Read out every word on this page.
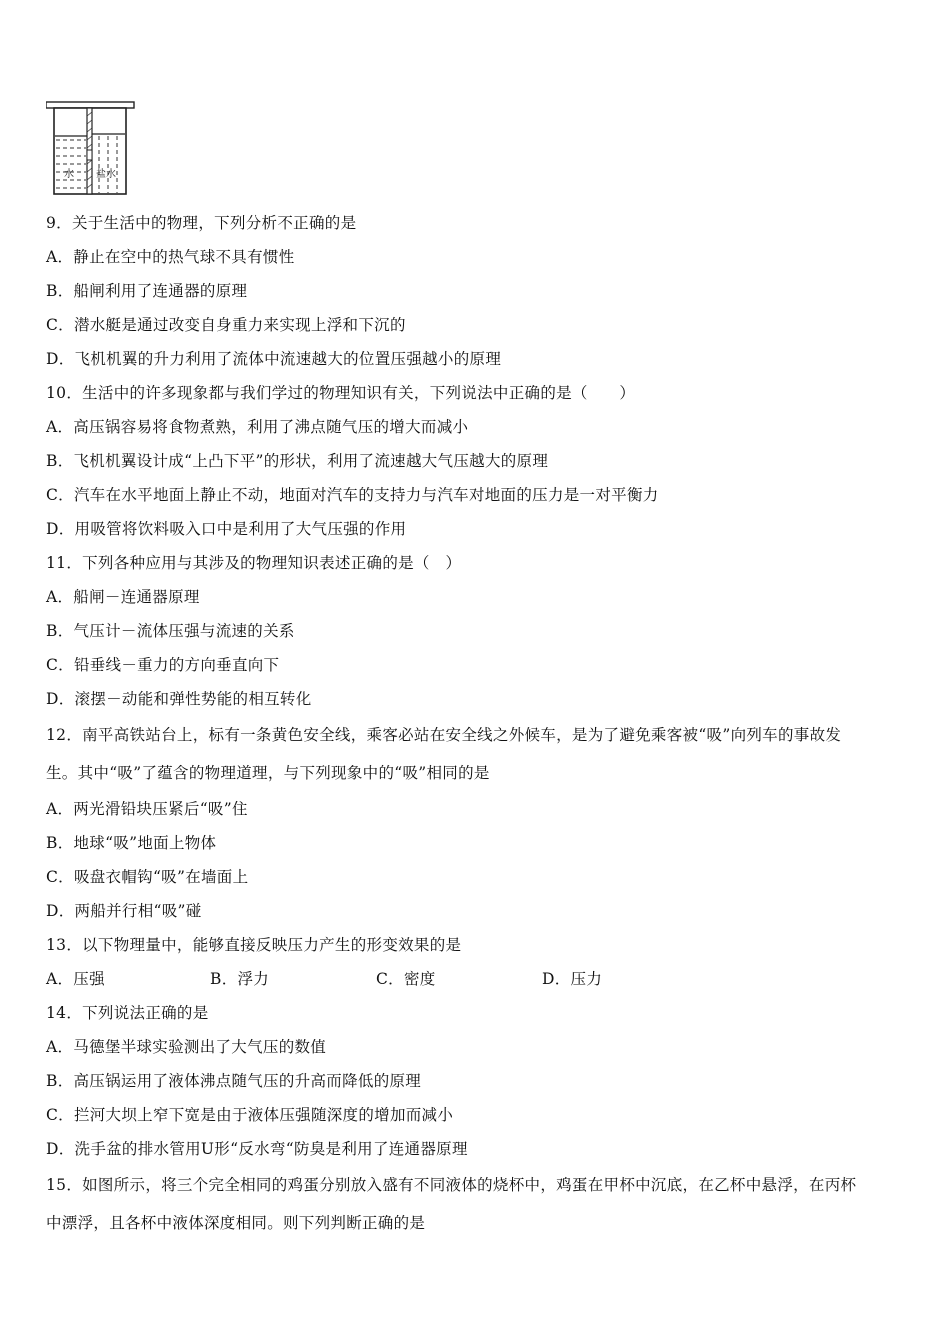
水 盐水
9．关于生活中的物理，下列分析不正确的是
A．静止在空中的热气球不具有惯性
B．船闸利用了连通器的原理
C．潜水艇是通过改变自身重力来实现上浮和下沉的
D．飞机机翼的升力利用了流体中流速越大的位置压强越小的原理
10．生活中的许多现象都与我们学过的物理知识有关，下列说法中正确的是（　　）
A．高压锅容易将食物煮熟，利用了沸点随气压的增大而减小
B．飞机机翼设计成“上凸下平”的形状，利用了流速越大气压越大的原理
C．汽车在水平地面上静止不动，地面对汽车的支持力与汽车对地面的压力是一对平衡力
D．用吸管将饮料吸入口中是利用了大气压强的作用
11．下列各种应用与其涉及的物理知识表述正确的是（　）
A．船闸－连通器原理
B．气压计－流体压强与流速的关系
C．铅垂线－重力的方向垂直向下
D．滚摆－动能和弹性势能的相互转化
12．南平高铁站台上，标有一条黄色安全线，乘客必站在安全线之外候车，是为了避免乘客被“吸”向列车的事故发
生。其中“吸”了蕴含的物理道理，与下列现象中的“吸”相同的是
A．两光滑铅块压紧后“吸”住
B．地球“吸”地面上物体
C．吸盘衣帽钩“吸”在墙面上
D．两船并行相“吸”碰
13．以下物理量中，能够直接反映压力产生的形变效果的是
A．压强	B．浮力	C．密度	D．压力
14．下列说法正确的是
A．马德堡半球实验测出了大气压的数值
B．高压锅运用了液体沸点随气压的升高而降低的原理
C．拦河大坝上窄下宽是由于液体压强随深度的增加而减小
D．洗手盆的排水管用U形“反水弯“防臭是利用了连通器原理
15．如图所示，将三个完全相同的鸡蛋分别放入盛有不同液体的烧杯中，鸡蛋在甲杯中沉底，在乙杯中悬浮，在丙杯
中漂浮，且各杯中液体深度相同。则下列判断正确的是
